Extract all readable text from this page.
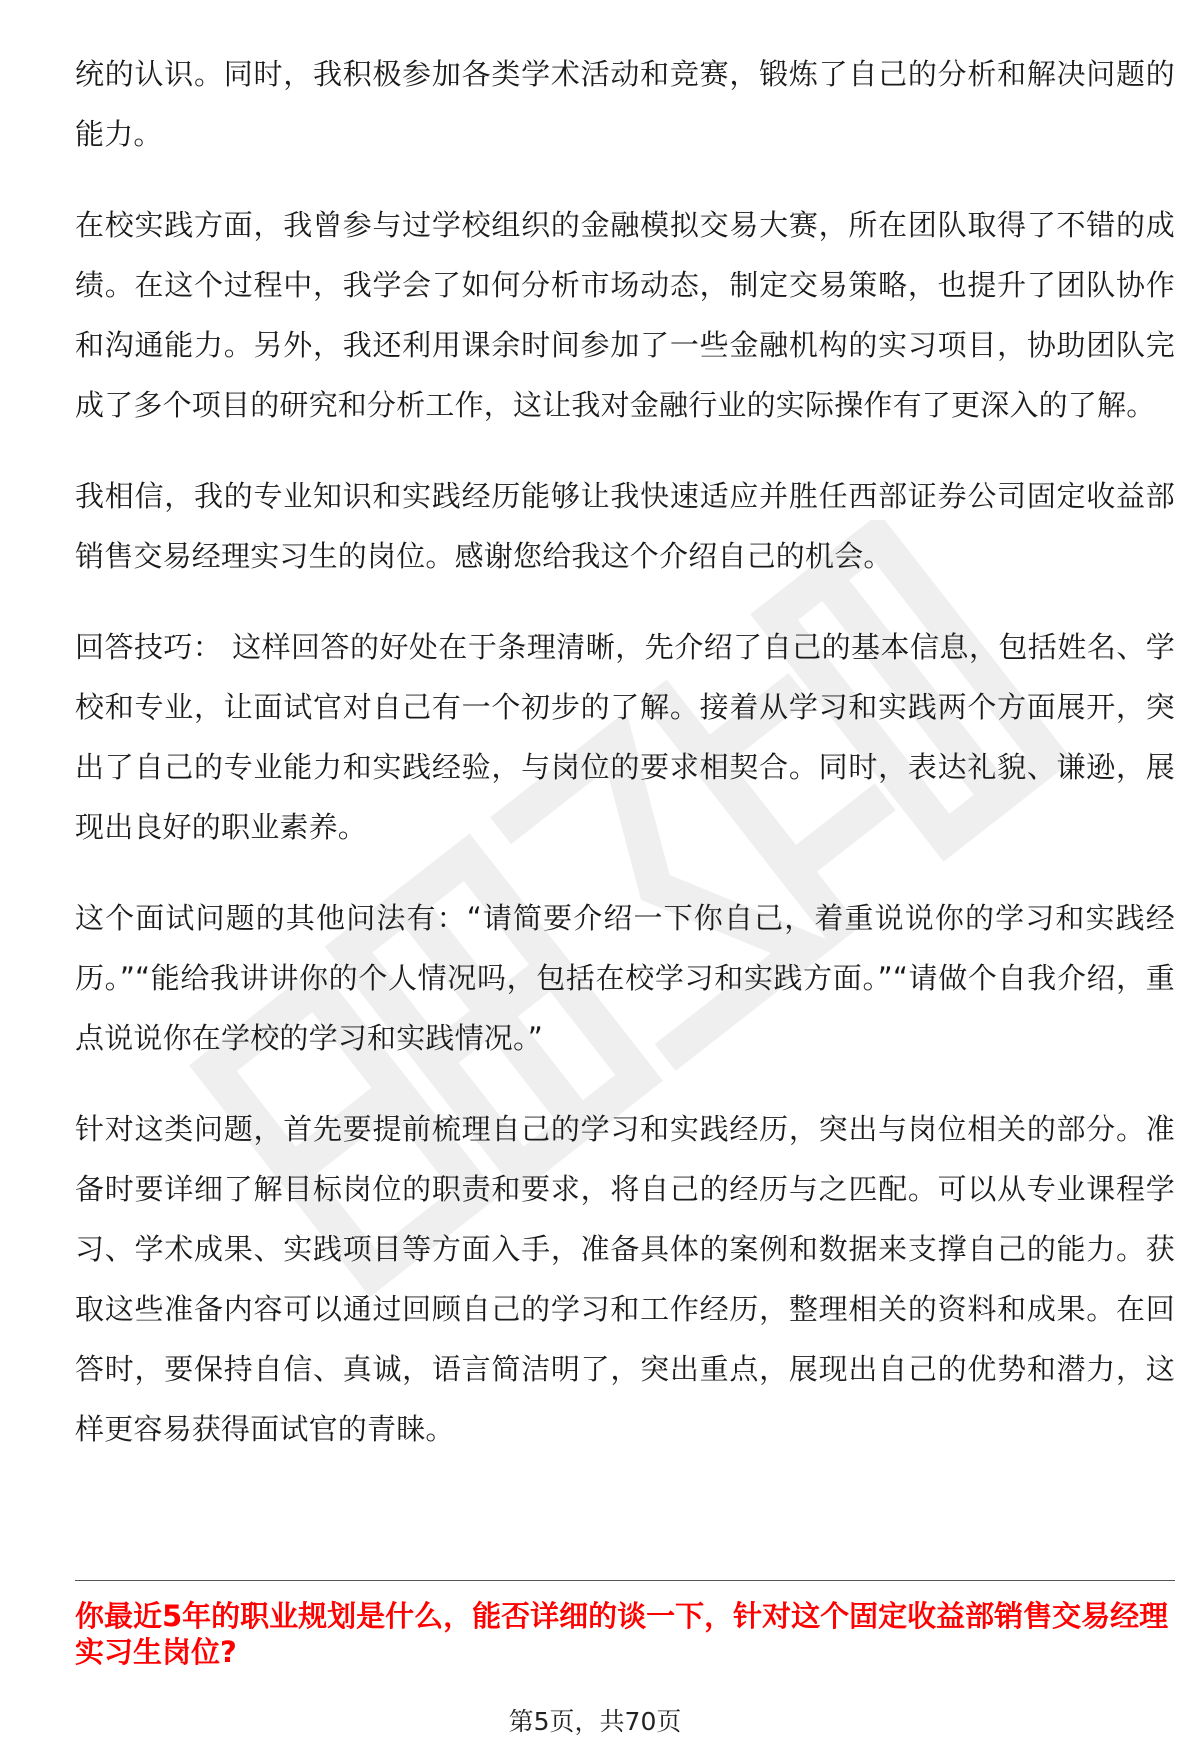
统的认识。同时，我积极参加各类学术活动和竞赛，锻炼了自己的分析和解决问题的能力。

在校实践方面，我曾参与过学校组织的金融模拟交易大赛，所在团队取得了不错的成绩。在这个过程中，我学会了如何分析市场动态，制定交易策略，也提升了团队协作和沟通能力。另外，我还利用课余时间参加了一些金融机构的实习项目，协助团队完成了多个项目的研究和分析工作，这让我对金融行业的实际操作有了更深入的了解。

我相信，我的专业知识和实践经历能够让我快速适应并胜任西部证券公司固定收益部销售交易经理实习生的岗位。感谢您给我这个介绍自己的机会。

回答技巧： 这样回答的好处在于条理清晰，先介绍了自己的基本信息，包括姓名、学校和专业，让面试官对自己有一个初步的了解。接着从学习和实践两个方面展开，突出了自己的专业能力和实践经验，与岗位的要求相契合。同时，表达礼貌、谦逊，展现出良好的职业素养。

这个面试问题的其他问法有：“请简要介绍一下你自己，着重说说你的学习和实践经历。”“能给我讲讲你的个人情况吗，包括在校学习和实践方面。”“请做个自我介绍，重点说说你在学校的学习和实践情况。”

针对这类问题，首先要提前梳理自己的学习和实践经历，突出与岗位相关的部分。准备时要详细了解目标岗位的职责和要求，将自己的经历与之匹配。可以从专业课程学习、学术成果、实践项目等方面入手，准备具体的案例和数据来支撑自己的能力。获取这些准备内容可以通过回顾自己的学习和工作经历，整理相关的资料和成果。在回答时，要保持自信、真诚，语言简洁明了，突出重点，展现出自己的优势和潜力，这样更容易获得面试官的青睐。

你最近5年的职业规划是什么，能否详细的谈一下，针对这个固定收益部销售交易经理实习生岗位?

第5页，共70页
